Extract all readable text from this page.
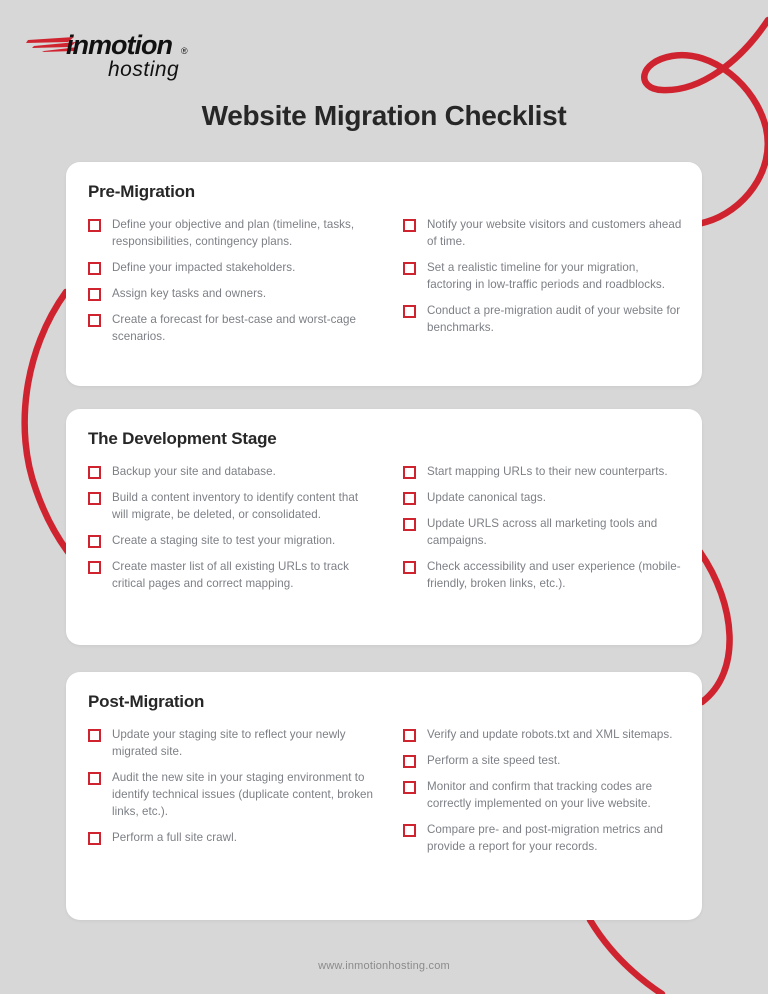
inmotion ®
hosting
Website Migration Checklist
Pre-Migration
Define your objective and plan (timeline, tasks, responsibilities, contingency plans.
Define your impacted stakeholders.
Assign key tasks and owners.
Create a forecast for best-case and worst-cage scenarios.
Notify your website visitors and customers ahead of time.
Set a realistic timeline for your migration, factoring in low-traffic periods and roadblocks.
Conduct a pre-migration audit of your website for benchmarks.
The Development Stage
Backup your site and database.
Build a content inventory to identify content that will migrate, be deleted, or consolidated.
Create a staging site to test your migration.
Create master list of all existing URLs to track critical pages and correct mapping.
Start mapping URLs to their new counterparts.
Update canonical tags.
Update URLS across all marketing tools and campaigns.
Check accessibility and user experience (mobile-friendly, broken links, etc.).
Post-Migration
Update your staging site to reflect your newly migrated site.
Audit the new site in your staging environment to identify technical issues (duplicate content, broken links, etc.).
Perform a full site crawl.
Verify and update robots.txt and XML sitemaps.
Perform a site speed test.
Monitor and confirm that tracking codes are correctly implemented on your live website.
Compare pre- and post-migration metrics and provide a report for your records.
www.inmotionhosting.com
